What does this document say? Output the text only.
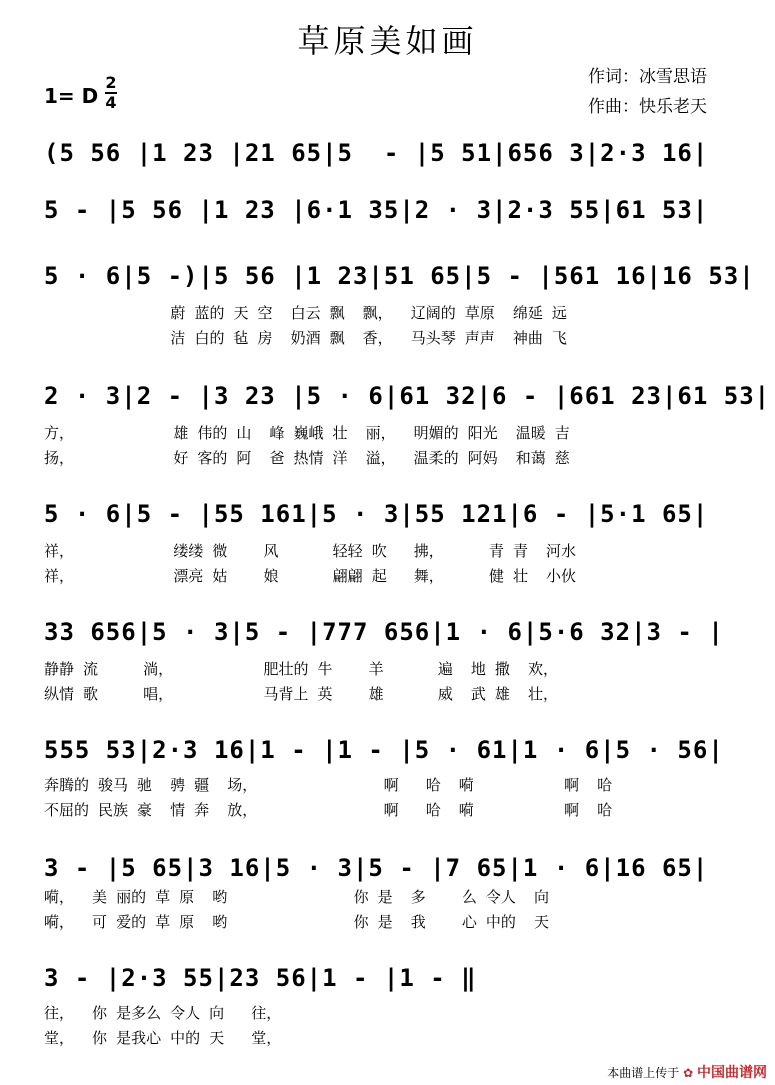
草原美如画
作词：冰雪思语
作曲：快乐老天
1= D
2
4
(5 56 |1 23 |21 65|5  - |5 51|656 3|2·3 16|
5 - |5 56 |1 23 |6·1 35|2 · 3|2·3 55|61 53|
5 · 6|5 -)|5 56 |1 23|51 65|5 - |561 16|16 53|
蔚 蓝的 天 空  白云 飘  飘，  辽阔的 草原  绵延 远
洁 白的 毡 房  奶酒 飘  香，  马头琴 声声  神曲 飞
2 · 3|2 - |3 23 |5 · 6|61 32|6 - |661 23|61 53|
方，           雄 伟的 山  峰 巍峨 壮  丽，  明媚的 阳光  温暖 吉
扬，           好 客的 阿  爸 热情 洋  溢，  温柔的 阿妈  和蔼 慈
5 · 6|5 - |55 161|5 · 3|55 121|6 - |5·1 65|
祥，           缕缕 微    风      轻轻 吹   拂，     青 青  河水
祥，           漂亮 姑    娘      翩翩 起   舞，     健 壮  小伙
33 656|5 · 3|5 - |777 656|1 · 6|5·6 32|3 - |
静静 流     淌，          肥壮的 牛    羊      遍  地 撒  欢，
纵情 歌     唱，          马背上 英    雄      威  武 雄  壮，
555 53|2·3 16|1 - |1 - |5 · 61|1 · 6|5 · 56|
奔腾的 骏马 驰  骋 疆  场，              啊   哈  嗬          啊  哈
不屈的 民族 豪  情 奔  放，              啊   哈  嗬          啊  哈
3 - |5 65|3 16|5 · 3|5 - |7 65|1 · 6|16 65|
嗬，  美 丽的 草 原  哟              你 是  多    么 令人  向
嗬，  可 爱的 草 原  哟              你 是  我    心 中的  天
3 - |2·3 55|23 56|1 - |1 - ‖
往，  你 是多么 令人 向   往，
堂，  你 是我心 中的 天   堂，
本曲谱上传于 ✿ 中国曲谱网
